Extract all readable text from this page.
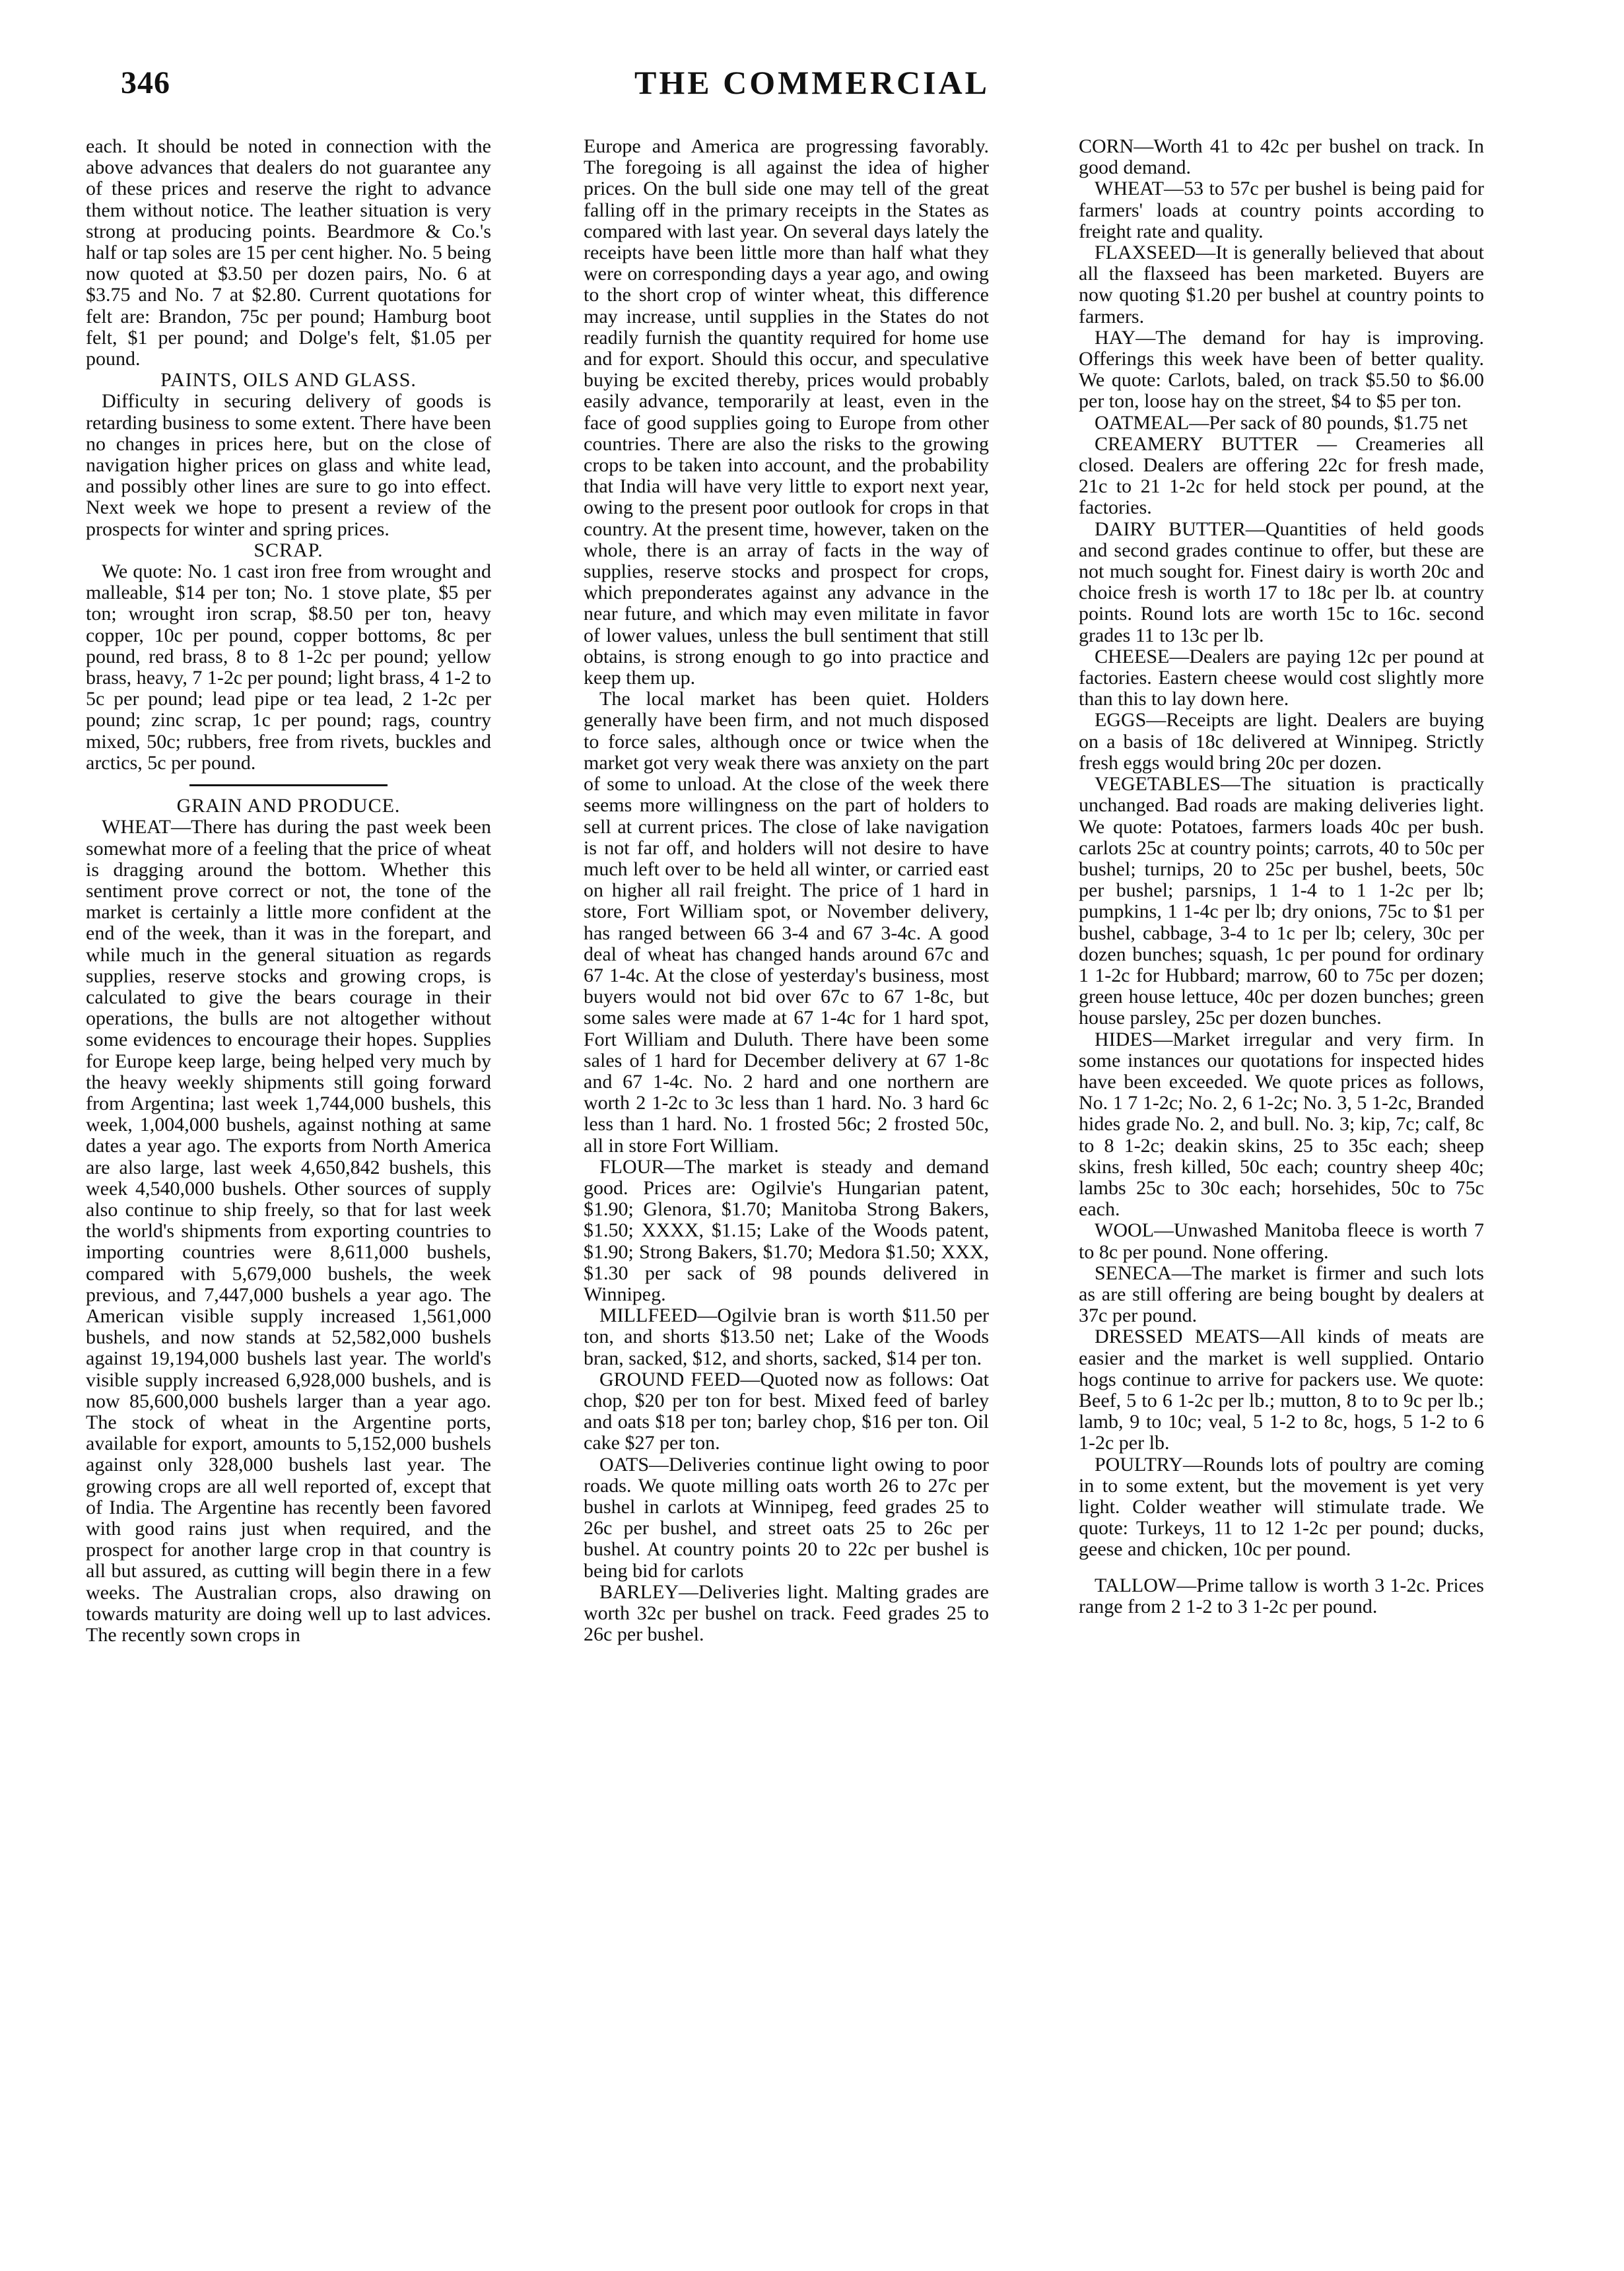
346	THE COMMERCIAL

each. It should be noted in connection with the above advances that dealers do not guarantee any of these prices and reserve the right to advance them without notice. The leather situation is very strong at producing points. Beardmore & Co.'s half or tap soles are 15 per cent higher. No. 5 being now quoted at $3.50 per dozen pairs, No. 6 at $3.75 and No. 7 at $2.80. Current quotations for felt are: Brandon, 75c per pound; Hamburg boot felt, $1 per pound; and Dolge's felt, $1.05 per pound.

PAINTS, OILS AND GLASS.

Difficulty in securing delivery of goods is retarding business to some extent. There have been no changes in prices here, but on the close of navigation higher prices on glass and white lead, and possibly other lines are sure to go into effect. Next week we hope to present a review of the prospects for winter and spring prices.

SCRAP.

We quote: No. 1 cast iron free from wrought and malleable, $14 per ton; No. 1 stove plate, $5 per ton; wrought iron scrap, $8.50 per ton, heavy copper, 10c per pound, copper bottoms, 8c per pound, red brass, 8 to 8 1-2c per pound; yellow brass, heavy, 7 1-2c per pound; light brass, 4 1-2 to 5c per pound; lead pipe or tea lead, 2 1-2c per pound; zinc scrap, 1c per pound; rags, country mixed, 50c; rubbers, free from rivets, buckles and arctics, 5c per pound.

GRAIN AND PRODUCE.

WHEAT—There has during the past week been somewhat more of a feeling that the price of wheat is dragging around the bottom. Whether this sentiment prove correct or not, the tone of the market is certainly a little more confident at the end of the week, than it was in the forepart, and while much in the general situation as regards supplies, reserve stocks and growing crops, is calculated to give the bears courage in their operations, the bulls are not altogether without some evidences to encourage their hopes. Supplies for Europe keep large, being helped very much by the heavy weekly shipments still going forward from Argentina; last week 1,744,000 bushels, this week, 1,004,000 bushels, against nothing at same dates a year ago. The exports from North America are also large, last week 4,650,842 bushels, this week 4,540,000 bushels. Other sources of supply also continue to ship freely, so that for last week the world's shipments from exporting countries to importing countries were 8,611,000 bushels, compared with 5,679,000 bushels, the week previous, and 7,447,000 bushels a year ago. The American visible supply increased 1,561,000 bushels, and now stands at 52,582,000 bushels against 19,194,000 bushels last year. The world's visible supply increased 6,928,000 bushels, and is now 85,600,000 bushels larger than a year ago. The stock of wheat in the Argentine ports, available for export, amounts to 5,152,000 bushels against only 328,000 bushels last year. The growing crops are all well reported of, except that of India. The Argentine has recently been favored with good rains just when required, and the prospect for another large crop in that country is all but assured, as cutting will begin there in a few weeks. The Australian crops, also drawing on towards maturity are doing well up to last advices. The recently sown crops in

Europe and America are progressing favorably. The foregoing is all against the idea of higher prices. On the bull side one may tell of the great falling off in the primary receipts in the States as compared with last year. On several days lately the receipts have been little more than half what they were on corresponding days a year ago, and owing to the short crop of winter wheat, this difference may increase, until supplies in the States do not readily furnish the quantity required for home use and for export. Should this occur, and speculative buying be excited thereby, prices would probably easily advance, temporarily at least, even in the face of good supplies going to Europe from other countries. There are also the risks to the growing crops to be taken into account, and the probability that India will have very little to export next year, owing to the present poor outlook for crops in that country. At the present time, however, taken on the whole, there is an array of facts in the way of supplies, reserve stocks and prospect for crops, which preponderates against any advance in the near future, and which may even militate in favor of lower values, unless the bull sentiment that still obtains, is strong enough to go into practice and keep them up.

The local market has been quiet. Holders generally have been firm, and not much disposed to force sales, although once or twice when the market got very weak there was anxiety on the part of some to unload. At the close of the week there seems more willingness on the part of holders to sell at current prices. The close of lake navigation is not far off, and holders will not desire to have much left over to be held all winter, or carried east on higher all rail freight. The price of 1 hard in store, Fort William spot, or November delivery, has ranged between 66 3-4 and 67 3-4c. A good deal of wheat has changed hands around 67c and 67 1-4c. At the close of yesterday's business, most buyers would not bid over 67c to 67 1-8c, but some sales were made at 67 1-4c for 1 hard spot, Fort William and Duluth. There have been some sales of 1 hard for December delivery at 67 1-8c and 67 1-4c. No. 2 hard and one northern are worth 2 1-2c to 3c less than 1 hard. No. 3 hard 6c less than 1 hard. No. 1 frosted 56c; 2 frosted 50c, all in store Fort William.

FLOUR—The market is steady and demand good. Prices are: Ogilvie's Hungarian patent, $1.90; Glenora, $1.70; Manitoba Strong Bakers, $1.50; XXXX, $1.15; Lake of the Woods patent, $1.90; Strong Bakers, $1.70; Medora $1.50; XXX, $1.30 per sack of 98 pounds delivered in Winnipeg.

MILLFEED—Ogilvie bran is worth $11.50 per ton, and shorts $13.50 net; Lake of the Woods bran, sacked, $12, and shorts, sacked, $14 per ton.

GROUND FEED—Quoted now as follows: Oat chop, $20 per ton for best. Mixed feed of barley and oats $18 per ton; barley chop, $16 per ton. Oil cake $27 per ton.

OATS—Deliveries continue light owing to poor roads. We quote milling oats worth 26 to 27c per bushel in carlots at Winnipeg, feed grades 25 to 26c per bushel, and street oats 25 to 26c per bushel. At country points 20 to 22c per bushel is being bid for carlots

BARLEY—Deliveries light. Malting grades are worth 32c per bushel on track. Feed grades 25 to 26c per bushel.

CORN—Worth 41 to 42c per bushel on track. In good demand.

WHEAT—53 to 57c per bushel is being paid for farmers' loads at country points according to freight rate and quality.

FLAXSEED—It is generally believed that about all the flaxseed has been marketed. Buyers are now quoting $1.20 per bushel at country points to farmers.

HAY—The demand for hay is improving. Offerings this week have been of better quality. We quote: Carlots, baled, on track $5.50 to $6.00 per ton, loose hay on the street, $4 to $5 per ton.

OATMEAL—Per sack of 80 pounds, $1.75 net

CREAMERY BUTTER — Creameries all closed. Dealers are offering 22c for fresh made, 21c to 21 1-2c for held stock per pound, at the factories.

DAIRY BUTTER—Quantities of held goods and second grades continue to offer, but these are not much sought for. Finest dairy is worth 20c and choice fresh is worth 17 to 18c per lb. at country points. Round lots are worth 15c to 16c. second grades 11 to 13c per lb.

CHEESE—Dealers are paying 12c per pound at factories. Eastern cheese would cost slightly more than this to lay down here.

EGGS—Receipts are light. Dealers are buying on a basis of 18c delivered at Winnipeg. Strictly fresh eggs would bring 20c per dozen.

VEGETABLES—The situation is practically unchanged. Bad roads are making deliveries light. We quote: Potatoes, farmers loads 40c per bush. carlots 25c at country points; carrots, 40 to 50c per bushel; turnips, 20 to 25c per bushel, beets, 50c per bushel; parsnips, 1 1-4 to 1 1-2c per lb; pumpkins, 1 1-4c per lb; dry onions, 75c to $1 per bushel, cabbage, 3-4 to 1c per lb; celery, 30c per dozen bunches; squash, 1c per pound for ordinary 1 1-2c for Hubbard; marrow, 60 to 75c per dozen; green house lettuce, 40c per dozen bunches; green house parsley, 25c per dozen bunches.

HIDES—Market irregular and very firm. In some instances our quotations for inspected hides have been exceeded. We quote prices as follows, No. 1 7 1-2c; No. 2, 6 1-2c; No. 3, 5 1-2c, Branded hides grade No. 2, and bull. No. 3; kip, 7c; calf, 8c to 8 1-2c; deakin skins, 25 to 35c each; sheep skins, fresh killed, 50c each; country sheep 40c; lambs 25c to 30c each; horsehides, 50c to 75c each.

WOOL—Unwashed Manitoba fleece is worth 7 to 8c per pound. None offering.

SENECA—The market is firmer and such lots as are still offering are being bought by dealers at 37c per pound.

DRESSED MEATS—All kinds of meats are easier and the market is well supplied. Ontario hogs continue to arrive for packers use. We quote: Beef, 5 to 6 1-2c per lb.; mutton, 8 to to 9c per lb.; lamb, 9 to 10c; veal, 5 1-2 to 8c, hogs, 5 1-2 to 6 1-2c per lb.

POULTRY—Rounds lots of poultry are coming in to some extent, but the movement is yet very light. Colder weather will stimulate trade. We quote: Turkeys, 11 to 12 1-2c per pound; ducks, geese and chicken, 10c per pound.

TALLOW—Prime tallow is worth 3 1-2c. Prices range from 2 1-2 to 3 1-2c per pound.
